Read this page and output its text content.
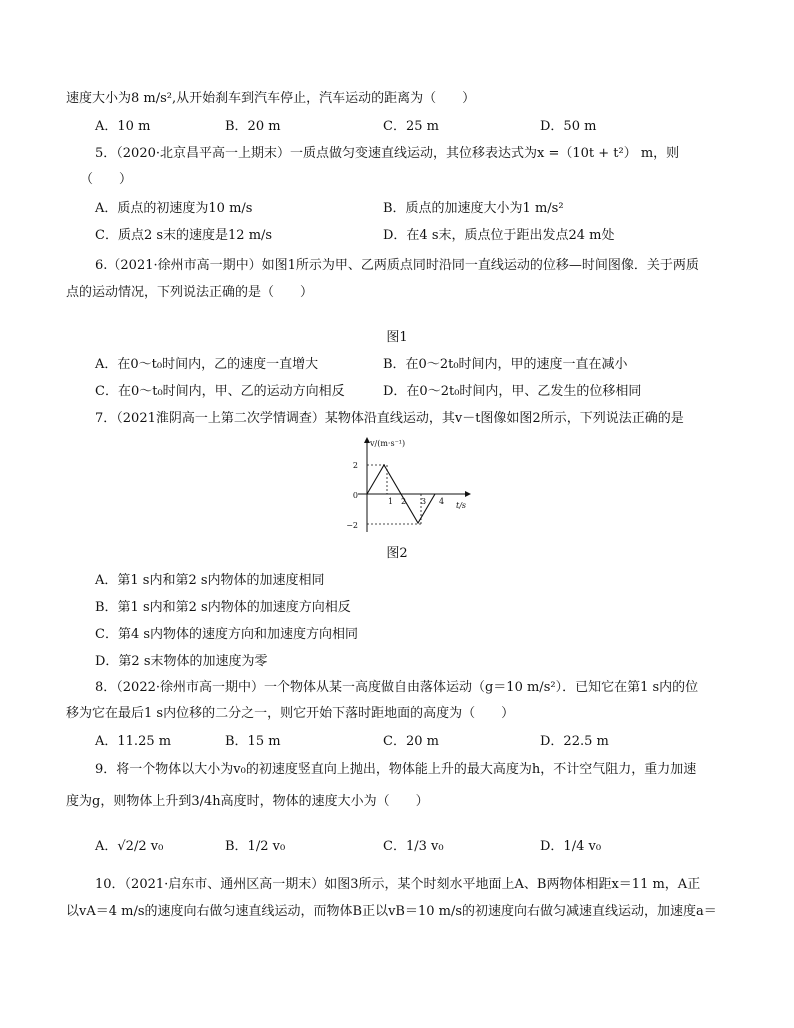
速度大小为8 m/s²,从开始刹车到汽车停止，汽车运动的距离为（　　）
A．10 m	B．20 m	C．25 m	D．50 m
5．（2020·北京昌平高一上期末）一质点做匀变速直线运动，其位移表达式为x =（10t + t²） m，则
（　　）
A．质点的初速度为10 m/s	B．质点的加速度大小为1 m/s²
C．质点2 s末的速度是12 m/s	D．在4 s末，质点位于距出发点24 m处
6.（2021·徐州市高一期中）如图1所示为甲、乙两质点同时沿同一直线运动的位移—时间图像．关于两质
点的运动情况，下列说法正确的是（　　）
图1
A．在0～t₀时间内，乙的速度一直增大	B．在0～2t₀时间内，甲的速度一直在减小
C．在0～t₀时间内，甲、乙的运动方向相反	D．在0～2t₀时间内，甲、乙发生的位移相同
7．（2021淮阴高一上第二次学情调查）某物体沿直线运动，其v－t图像如图2所示，下列说法正确的是
v/(m·s⁻¹)
t/s
2
0
−2
1 2 3 4
图2
A．第1 s内和第2 s内物体的加速度相同
B．第1 s内和第2 s内物体的加速度方向相反
C．第4 s内物体的速度方向和加速度方向相同
D．第2 s末物体的加速度为零
8．（2022·徐州市高一期中）一个物体从某一高度做自由落体运动（g＝10 m/s²）．已知它在第1 s内的位
移为它在最后1 s内位移的二分之一，则它开始下落时距地面的高度为（　　）
A．11.25 m	B．15 m	C．20 m	D．22.5 m
9．将一个物体以大小为v₀的初速度竖直向上抛出，物体能上升的最大高度为h，不计空气阻力，重力加速
度为g，则物体上升到3/4h高度时，物体的速度大小为（　　）
A．√2/2 v₀	B．1/2 v₀	C．1/3 v₀	D．1/4 v₀
10．（2021·启东市、通州区高一期末）如图3所示，某个时刻水平地面上A、B两物体相距x＝11 m，A正
以vA＝4 m/s的速度向右做匀速直线运动，而物体B正以vB＝10 m/s的初速度向右做匀减速直线运动，加速度a＝
